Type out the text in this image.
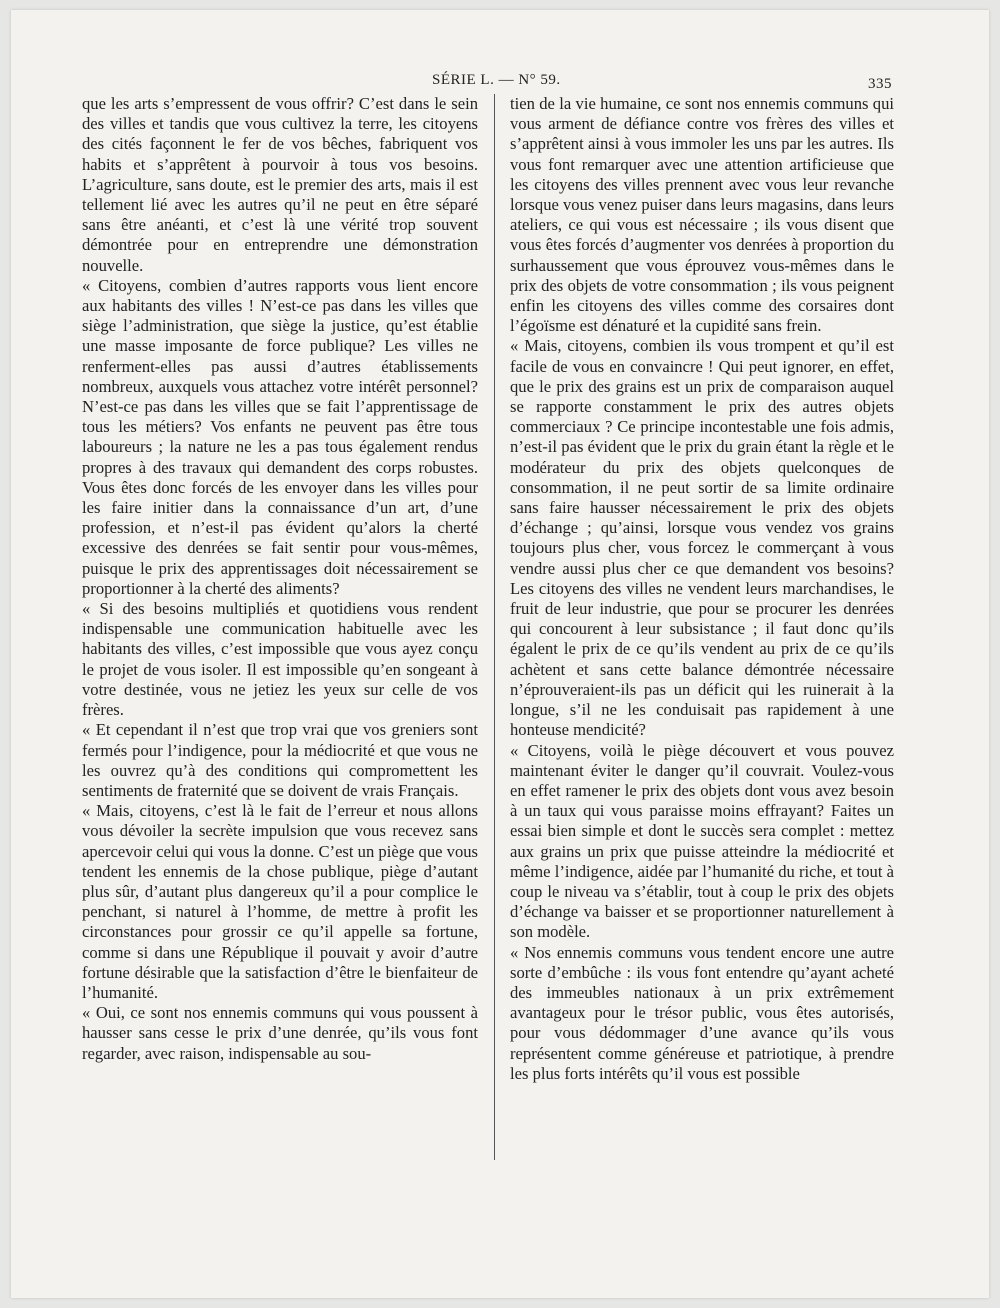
SÉRIE L. — N° 59.	335
que les arts s’empressent de vous offrir? C’est dans le sein des villes et tandis que vous cultivez la terre, les citoyens des cités façonnent le fer de vos bêches, fabriquent vos habits et s’apprêtent à pourvoir à tous vos besoins. L’agriculture, sans doute, est le premier des arts, mais il est tellement lié avec les autres qu’il ne peut en être séparé sans être anéanti, et c’est là une vérité trop souvent démontrée pour en entreprendre une démonstration nouvelle.
« Citoyens, combien d’autres rapports vous lient encore aux habitants des villes ! N’est-ce pas dans les villes que siège l’administration, que siège la justice, qu’est établie une masse imposante de force publique? Les villes ne renferment-elles pas aussi d’autres établissements nombreux, auxquels vous attachez votre intérêt personnel? N’est-ce pas dans les villes que se fait l’apprentissage de tous les métiers? Vos enfants ne peuvent pas être tous laboureurs ; la nature ne les a pas tous également rendus propres à des travaux qui demandent des corps robustes. Vous êtes donc forcés de les envoyer dans les villes pour les faire initier dans la connaissance d’un art, d’une profession, et n’est-il pas évident qu’alors la cherté excessive des denrées se fait sentir pour vous-mêmes, puisque le prix des apprentissages doit nécessairement se proportionner à la cherté des aliments?
« Si des besoins multipliés et quotidiens vous rendent indispensable une communication habituelle avec les habitants des villes, c’est impossible que vous ayez conçu le projet de vous isoler. Il est impossible qu’en songeant à votre destinée, vous ne jetiez les yeux sur celle de vos frères.
« Et cependant il n’est que trop vrai que vos greniers sont fermés pour l’indigence, pour la médiocrité et que vous ne les ouvrez qu’à des conditions qui compromettent les sentiments de fraternité que se doivent de vrais Français.
« Mais, citoyens, c’est là le fait de l’erreur et nous allons vous dévoiler la secrète impulsion que vous recevez sans apercevoir celui qui vous la donne. C’est un piège que vous tendent les ennemis de la chose publique, piège d’autant plus sûr, d’autant plus dangereux qu’il a pour complice le penchant, si naturel à l’homme, de mettre à profit les circonstances pour grossir ce qu’il appelle sa fortune, comme si dans une République il pouvait y avoir d’autre fortune désirable que la satisfaction d’être le bienfaiteur de l’humanité.
« Oui, ce sont nos ennemis communs qui vous poussent à hausser sans cesse le prix d’une denrée, qu’ils vous font regarder, avec raison, indispensable au sou-
tien de la vie humaine, ce sont nos ennemis communs qui vous arment de défiance contre vos frères des villes et s’apprêtent ainsi à vous immoler les uns par les autres. Ils vous font remarquer avec une attention artificieuse que les citoyens des villes prennent avec vous leur revanche lorsque vous venez puiser dans leurs magasins, dans leurs ateliers, ce qui vous est nécessaire ; ils vous disent que vous êtes forcés d’augmenter vos denrées à proportion du surhaussement que vous éprouvez vous-mêmes dans le prix des objets de votre consommation ; ils vous peignent enfin les citoyens des villes comme des corsaires dont l’égoïsme est dénaturé et la cupidité sans frein.
« Mais, citoyens, combien ils vous trompent et qu’il est facile de vous en convaincre ! Qui peut ignorer, en effet, que le prix des grains est un prix de comparaison auquel se rapporte constamment le prix des autres objets commerciaux ? Ce principe incontestable une fois admis, n’est-il pas évident que le prix du grain étant la règle et le modérateur du prix des objets quelconques de consommation, il ne peut sortir de sa limite ordinaire sans faire hausser nécessairement le prix des objets d’échange ; qu’ainsi, lorsque vous vendez vos grains toujours plus cher, vous forcez le commerçant à vous vendre aussi plus cher ce que demandent vos besoins? Les citoyens des villes ne vendent leurs marchandises, le fruit de leur industrie, que pour se procurer les denrées qui concourent à leur subsistance ; il faut donc qu’ils égalent le prix de ce qu’ils vendent au prix de ce qu’ils achètent et sans cette balance démontrée nécessaire n’éprouveraient-ils pas un déficit qui les ruinerait à la longue, s’il ne les conduisait pas rapidement à une honteuse mendicité?
« Citoyens, voilà le piège découvert et vous pouvez maintenant éviter le danger qu’il couvrait. Voulez-vous en effet ramener le prix des objets dont vous avez besoin à un taux qui vous paraisse moins effrayant? Faites un essai bien simple et dont le succès sera complet : mettez aux grains un prix que puisse atteindre la médiocrité et même l’indigence, aidée par l’humanité du riche, et tout à coup le niveau va s’établir, tout à coup le prix des objets d’échange va baisser et se proportionner naturellement à son modèle.
« Nos ennemis communs vous tendent encore une autre sorte d’embûche : ils vous font entendre qu’ayant acheté des immeubles nationaux à un prix extrêmement avantageux pour le trésor public, vous êtes autorisés, pour vous dédommager d’une avance qu’ils vous représentent comme généreuse et patriotique, à prendre les plus forts intérêts qu’il vous est possible
